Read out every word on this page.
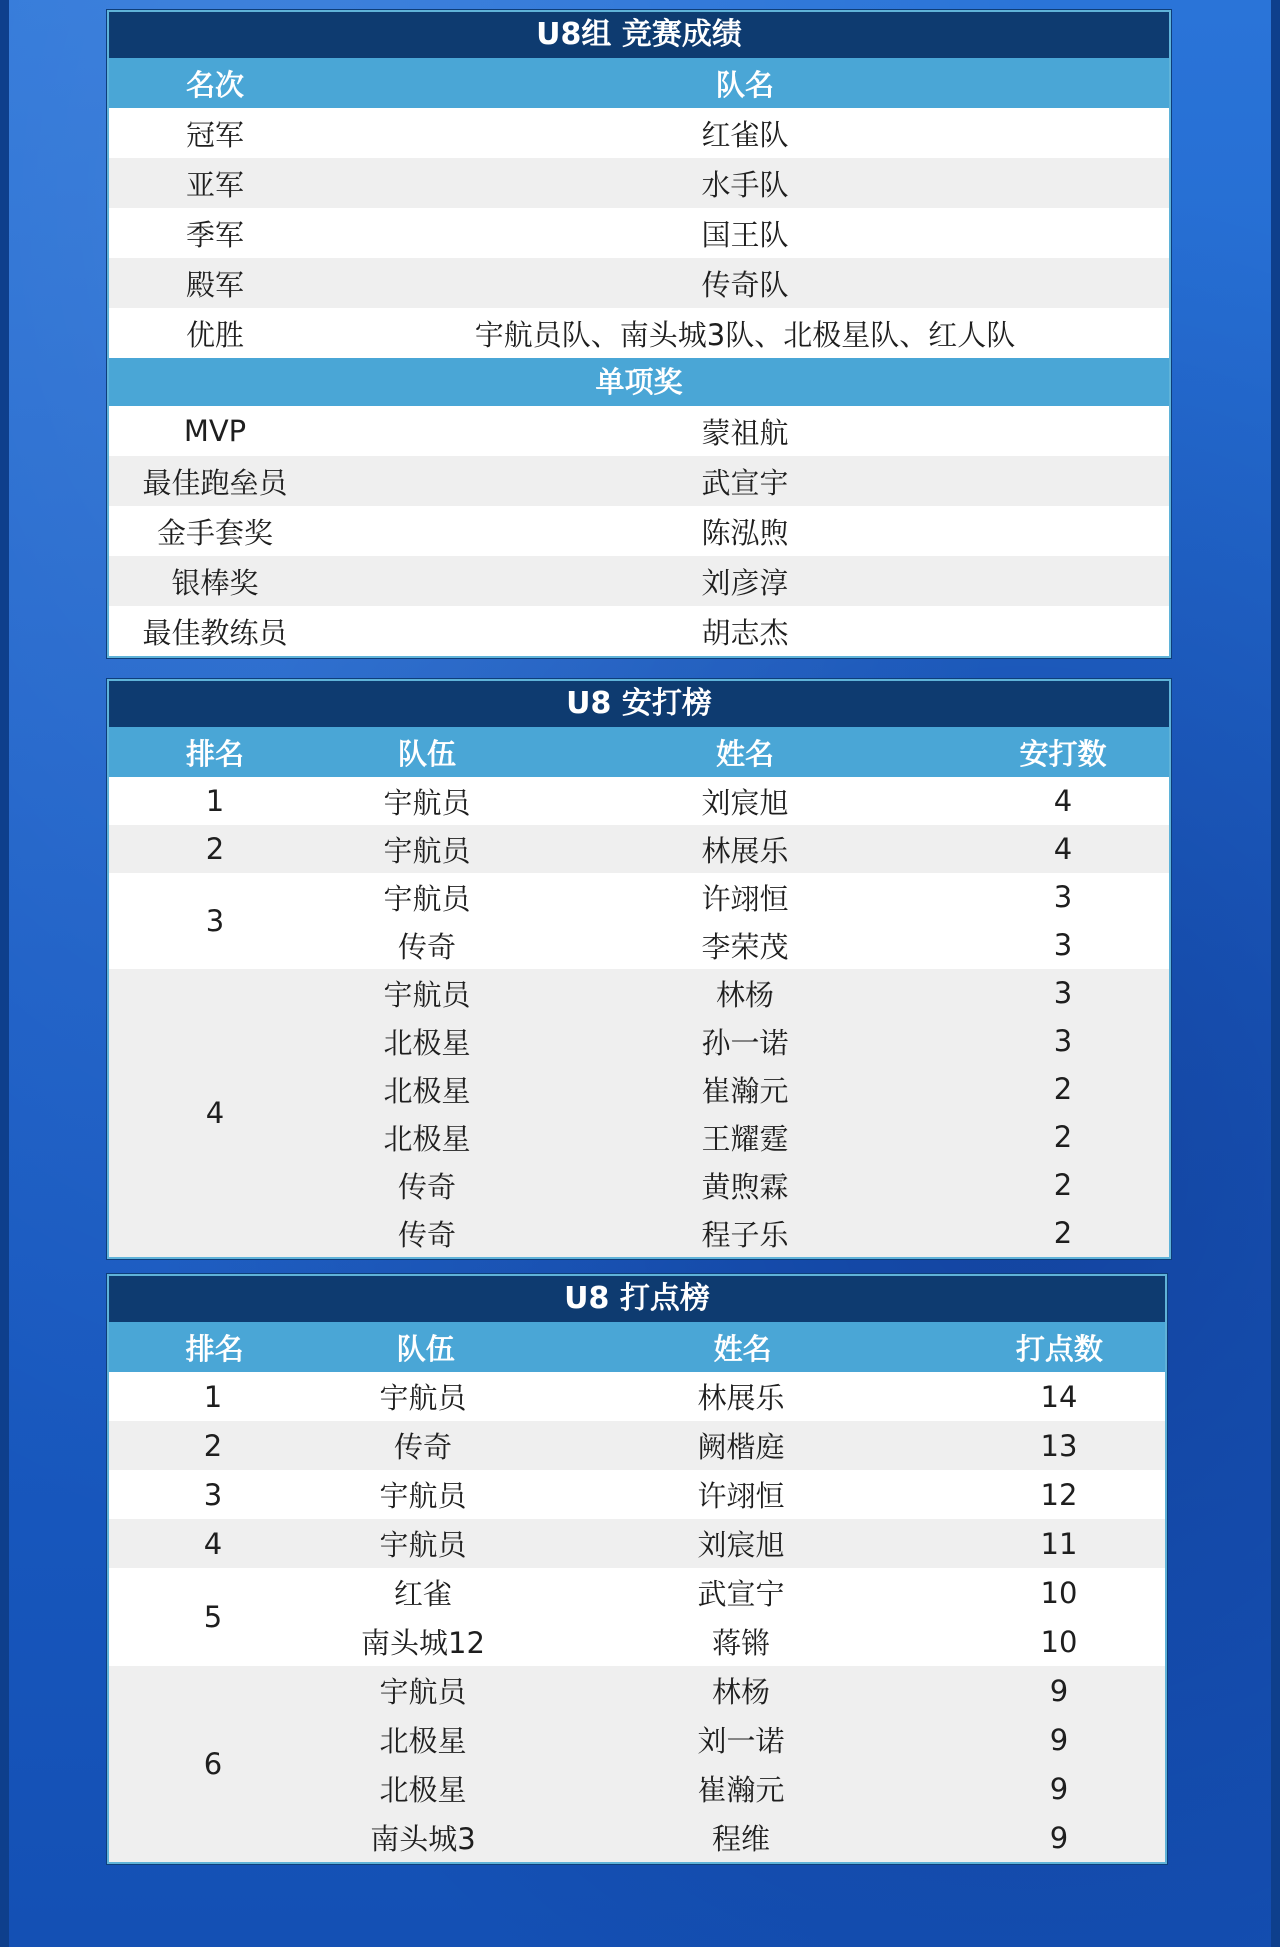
U8组 竞赛成绩
名次	队名
冠军	红雀队
亚军	水手队
季军	国王队
殿军	传奇队
优胜	宇航员队、南头城3队、北极星队、红人队
单项奖
MVP	蒙祖航
最佳跑垒员	武宣宇
金手套奖	陈泓煦
银棒奖	刘彦淳
最佳教练员	胡志杰
U8 安打榜
排名	队伍	姓名	安打数
1	宇航员	刘宸旭	4
2	宇航员	林展乐	4
3
宇航员	许翊恒	3
传奇	李荣茂	3
4
宇航员	林杨	3
北极星	孙一诺	3
北极星	崔瀚元	2
北极星	王耀霆	2
传奇	黄煦霖	2
传奇	程子乐	2
U8 打点榜
排名	队伍	姓名	打点数
1	宇航员	林展乐	14
2	传奇	阙楷庭	13
3	宇航员	许翊恒	12
4	宇航员	刘宸旭	11
5
红雀	武宣宁	10
南头城12	蒋锵	10
6
宇航员	林杨	9
北极星	刘一诺	9
北极星	崔瀚元	9
南头城3	程维	9
